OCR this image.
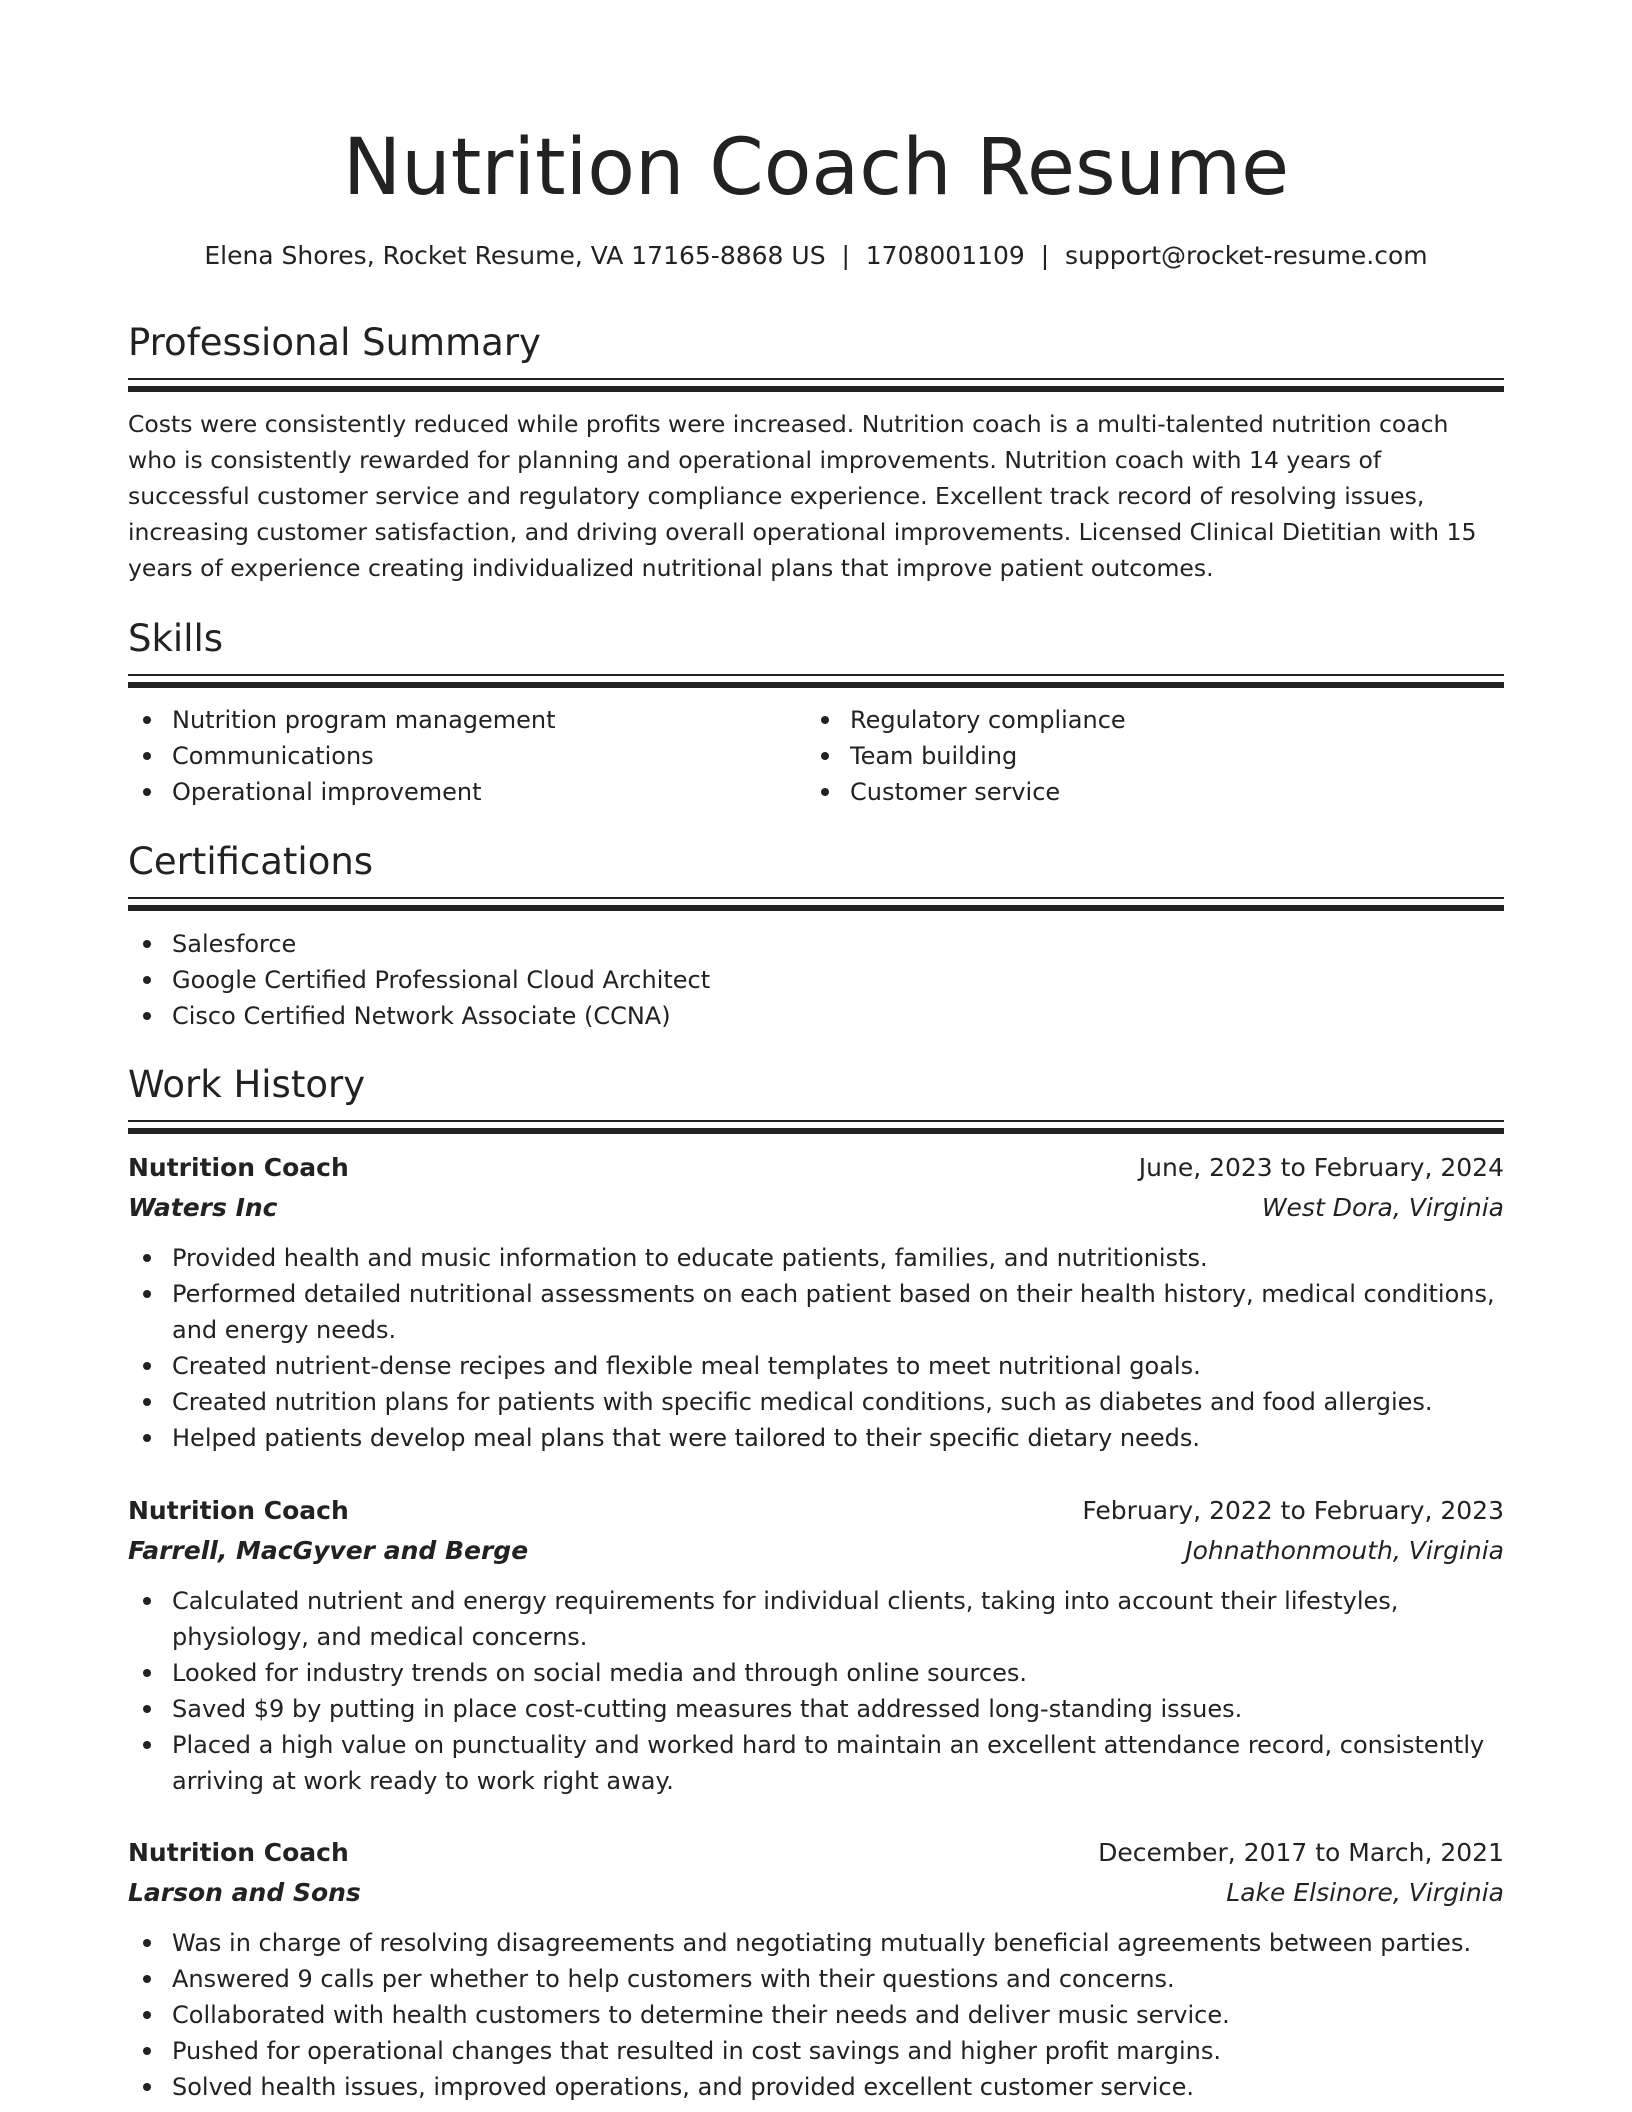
Nutrition Coach Resume
Elena Shores, Rocket Resume, VA 17165-8868 US  |  1708001109  |  support@rocket-resume.com
Professional Summary

Costs were consistently reduced while profits were increased. Nutrition coach is a multi-talented nutrition coach who is consistently rewarded for planning and operational improvements. Nutrition coach with 14 years of successful customer service and regulatory compliance experience. Excellent track record of resolving issues, increasing customer satisfaction, and driving overall operational improvements. Licensed Clinical Dietitian with 15 years of experience creating individualized nutritional plans that improve patient outcomes.

Skills
Nutrition program management
Communications
Operational improvement
Regulatory compliance
Team building
Customer service
Certifications
Salesforce
Google Certified Professional Cloud Architect
Cisco Certified Network Associate (CCNA)
Work History
Nutrition Coach	June, 2023 to February, 2024
Waters Inc	West Dora, Virginia
Provided health and music information to educate patients, families, and nutritionists.
Performed detailed nutritional assessments on each patient based on their health history, medical conditions, and energy needs.
Created nutrient-dense recipes and flexible meal templates to meet nutritional goals.
Created nutrition plans for patients with specific medical conditions, such as diabetes and food allergies.
Helped patients develop meal plans that were tailored to their specific dietary needs.
Nutrition Coach	February, 2022 to February, 2023
Farrell, MacGyver and Berge	Johnathonmouth, Virginia
Calculated nutrient and energy requirements for individual clients, taking into account their lifestyles, physiology, and medical concerns.
Looked for industry trends on social media and through online sources.
Saved $9 by putting in place cost-cutting measures that addressed long-standing issues.
Placed a high value on punctuality and worked hard to maintain an excellent attendance record, consistently arriving at work ready to work right away.
Nutrition Coach	December, 2017 to March, 2021
Larson and Sons	Lake Elsinore, Virginia
Was in charge of resolving disagreements and negotiating mutually beneficial agreements between parties.
Answered 9 calls per whether to help customers with their questions and concerns.
Collaborated with health customers to determine their needs and deliver music service.
Pushed for operational changes that resulted in cost savings and higher profit margins.
Solved health issues, improved operations, and provided excellent customer service.
